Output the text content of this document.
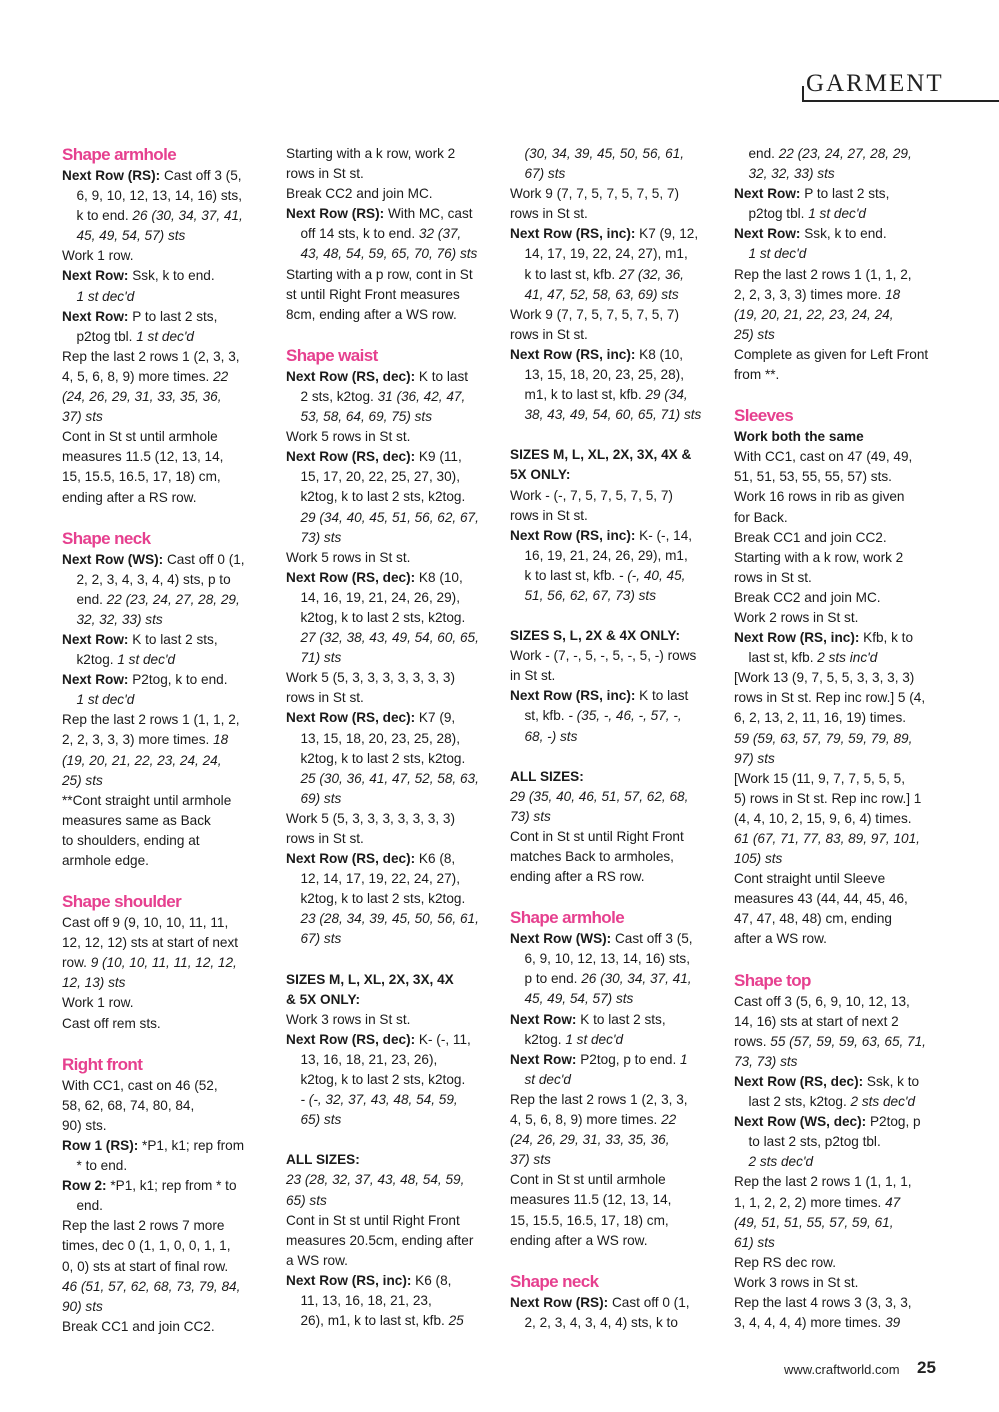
GARMENT
Shape armhole
Next Row (RS): Cast off 3 (5,
6, 9, 10, 12, 13, 14, 16) sts,
k to end. 26 (30, 34, 37, 41,
45, 49, 54, 57) sts
Work 1 row.
Next Row: Ssk, k to end.
1 st dec'd
Next Row: P to last 2 sts,
p2tog tbl. 1 st dec'd
Rep the last 2 rows 1 (2, 3, 3,
4, 5, 6, 8, 9) more times. 22
(24, 26, 29, 31, 33, 35, 36,
37) sts
Cont in St st until armhole
measures 11.5 (12, 13, 14,
15, 15.5, 16.5, 17, 18) cm,
ending after a RS row.
Shape neck
Next Row (WS): Cast off 0 (1,
2, 2, 3, 4, 3, 4, 4) sts, p to
end. 22 (23, 24, 27, 28, 29,
32, 32, 33) sts
Next Row: K to last 2 sts,
k2tog. 1 st dec'd
Next Row: P2tog, k to end.
1 st dec'd
Rep the last 2 rows 1 (1, 1, 2,
2, 2, 3, 3, 3) more times. 18
(19, 20, 21, 22, 23, 24, 24,
25) sts
**Cont straight until armhole
measures same as Back
to shoulders, ending at
armhole edge.
Shape shoulder
Cast off 9 (9, 10, 10, 11, 11,
12, 12, 12) sts at start of next
row. 9 (10, 10, 11, 11, 12, 12,
12, 13) sts
Work 1 row.
Cast off rem sts.
Right front
With CC1, cast on 46 (52,
58, 62, 68, 74, 80, 84,
90) sts.
Row 1 (RS): *P1, k1; rep from
* to end.
Row 2: *P1, k1; rep from * to
end.
Rep the last 2 rows 7 more
times, dec 0 (1, 1, 0, 0, 1, 1,
0, 0) sts at start of final row.
46 (51, 57, 62, 68, 73, 79, 84,
90) sts
Break CC1 and join CC2.
Starting with a k row, work 2
rows in St st.
Break CC2 and join MC.
Next Row (RS): With MC, cast
off 14 sts, k to end. 32 (37,
43, 48, 54, 59, 65, 70, 76) sts
Starting with a p row, cont in St
st until Right Front measures
8cm, ending after a WS row.
Shape waist
Next Row (RS, dec): K to last
2 sts, k2tog. 31 (36, 42, 47,
53, 58, 64, 69, 75) sts
Work 5 rows in St st.
Next Row (RS, dec): K9 (11,
15, 17, 20, 22, 25, 27, 30),
k2tog, k to last 2 sts, k2tog.
29 (34, 40, 45, 51, 56, 62, 67,
73) sts
Work 5 rows in St st.
Next Row (RS, dec): K8 (10,
14, 16, 19, 21, 24, 26, 29),
k2tog, k to last 2 sts, k2tog.
27 (32, 38, 43, 49, 54, 60, 65,
71) sts
Work 5 (5, 3, 3, 3, 3, 3, 3, 3)
rows in St st.
Next Row (RS, dec): K7 (9,
13, 15, 18, 20, 23, 25, 28),
k2tog, k to last 2 sts, k2tog.
25 (30, 36, 41, 47, 52, 58, 63,
69) sts
Work 5 (5, 3, 3, 3, 3, 3, 3, 3)
rows in St st.
Next Row (RS, dec): K6 (8,
12, 14, 17, 19, 22, 24, 27),
k2tog, k to last 2 sts, k2tog.
23 (28, 34, 39, 45, 50, 56, 61,
67) sts
SIZES M, L, XL, 2X, 3X, 4X
& 5X ONLY:
Work 3 rows in St st.
Next Row (RS, dec): K- (-, 11,
13, 16, 18, 21, 23, 26),
k2tog, k to last 2 sts, k2tog.
- (-, 32, 37, 43, 48, 54, 59,
65) sts
ALL SIZES:
23 (28, 32, 37, 43, 48, 54, 59,
65) sts
Cont in St st until Right Front
measures 20.5cm, ending after
a WS row.
Next Row (RS, inc): K6 (8,
11, 13, 16, 18, 21, 23,
26), m1, k to last st, kfb. 25
(30, 34, 39, 45, 50, 56, 61,
67) sts
Work 9 (7, 7, 5, 7, 5, 7, 5, 7)
rows in St st.
Next Row (RS, inc): K7 (9, 12,
14, 17, 19, 22, 24, 27), m1,
k to last st, kfb. 27 (32, 36,
41, 47, 52, 58, 63, 69) sts
Work 9 (7, 7, 5, 7, 5, 7, 5, 7)
rows in St st.
Next Row (RS, inc): K8 (10,
13, 15, 18, 20, 23, 25, 28),
m1, k to last st, kfb. 29 (34,
38, 43, 49, 54, 60, 65, 71) sts
SIZES M, L, XL, 2X, 3X, 4X &
5X ONLY:
Work - (-, 7, 5, 7, 5, 7, 5, 7)
rows in St st.
Next Row (RS, inc): K- (-, 14,
16, 19, 21, 24, 26, 29), m1,
k to last st, kfb. - (-, 40, 45,
51, 56, 62, 67, 73) sts
SIZES S, L, 2X & 4X ONLY:
Work - (7, -, 5, -, 5, -, 5, -) rows
in St st.
Next Row (RS, inc): K to last
st, kfb. - (35, -, 46, -, 57, -,
68, -) sts
ALL SIZES:
29 (35, 40, 46, 51, 57, 62, 68,
73) sts
Cont in St st until Right Front
matches Back to armholes,
ending after a RS row.
Shape armhole
Next Row (WS): Cast off 3 (5,
6, 9, 10, 12, 13, 14, 16) sts,
p to end. 26 (30, 34, 37, 41,
45, 49, 54, 57) sts
Next Row: K to last 2 sts,
k2tog. 1 st dec'd
Next Row: P2tog, p to end. 1
st dec'd
Rep the last 2 rows 1 (2, 3, 3,
4, 5, 6, 8, 9) more times. 22
(24, 26, 29, 31, 33, 35, 36,
37) sts
Cont in St st until armhole
measures 11.5 (12, 13, 14,
15, 15.5, 16.5, 17, 18) cm,
ending after a WS row.
Shape neck
Next Row (RS): Cast off 0 (1,
2, 2, 3, 4, 3, 4, 4) sts, k to
end. 22 (23, 24, 27, 28, 29,
32, 32, 33) sts
Next Row: P to last 2 sts,
p2tog tbl. 1 st dec'd
Next Row: Ssk, k to end.
1 st dec'd
Rep the last 2 rows 1 (1, 1, 2,
2, 2, 3, 3, 3) times more. 18
(19, 20, 21, 22, 23, 24, 24,
25) sts
Complete as given for Left Front
from **.
Sleeves
Work both the same
With CC1, cast on 47 (49, 49,
51, 51, 53, 55, 55, 57) sts.
Work 16 rows in rib as given
for Back.
Break CC1 and join CC2.
Starting with a k row, work 2
rows in St st.
Break CC2 and join MC.
Work 2 rows in St st.
Next Row (RS, inc): Kfb, k to
last st, kfb. 2 sts inc'd
[Work 13 (9, 7, 5, 5, 3, 3, 3, 3)
rows in St st. Rep inc row.] 5 (4,
6, 2, 13, 2, 11, 16, 19) times.
59 (59, 63, 57, 79, 59, 79, 89,
97) sts
[Work 15 (11, 9, 7, 7, 5, 5, 5,
5) rows in St st. Rep inc row.] 1
(4, 4, 10, 2, 15, 9, 6, 4) times.
61 (67, 71, 77, 83, 89, 97, 101,
105) sts
Cont straight until Sleeve
measures 43 (44, 44, 45, 46,
47, 47, 48, 48) cm, ending
after a WS row.
Shape top
Cast off 3 (5, 6, 9, 10, 12, 13,
14, 16) sts at start of next 2
rows. 55 (57, 59, 59, 63, 65, 71,
73, 73) sts
Next Row (RS, dec): Ssk, k to
last 2 sts, k2tog. 2 sts dec'd
Next Row (WS, dec): P2tog, p
to last 2 sts, p2tog tbl.
2 sts dec'd
Rep the last 2 rows 1 (1, 1, 1,
1, 1, 2, 2, 2) more times. 47
(49, 51, 51, 55, 57, 59, 61,
61) sts
Rep RS dec row.
Work 3 rows in St st.
Rep the last 4 rows 3 (3, 3, 3,
3, 4, 4, 4, 4) more times. 39
www.craftworld.com 25
